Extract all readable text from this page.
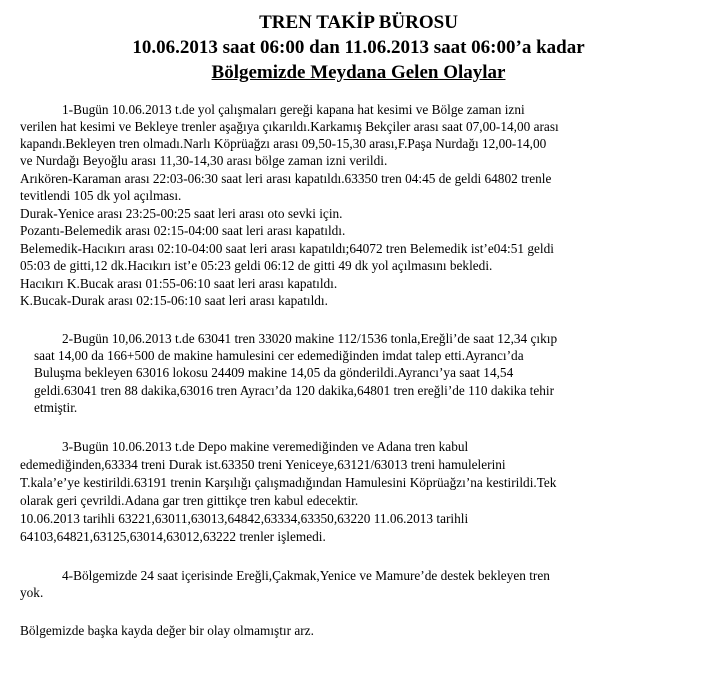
TREN TAKİP BÜROSU
10.06.2013 saat 06:00 dan 11.06.2013 saat 06:00’a kadar
Bölgemizde Meydana Gelen Olaylar
1-Bugün 10.06.2013 t.de yol çalışmaları gereği kapana hat kesimi ve Bölge zaman izni
verilen hat kesimi ve Bekleye trenler aşağıya çıkarıldı.Karkamış Bekçiler arası saat 07,00-14,00 arası
kapandı.Bekleyen tren olmadı.Narlı Köprüağzı arası 09,50-15,30 arası,F.Paşa Nurdağı 12,00-14,00
ve Nurdağı Beyoğlu arası 11,30-14,30 arası bölge zaman izni verildi.
Arıkören-Karaman arası 22:03-06:30 saat leri arası kapatıldı.63350 tren 04:45 de geldi 64802 trenle
tevitlendi 105 dk yol açılması.
Durak-Yenice arası 23:25-00:25 saat leri arası oto sevki için.
Pozantı-Belemedik arası 02:15-04:00 saat leri arası kapatıldı.
Belemedik-Hacıkırı arası 02:10-04:00 saat leri arası kapatıldı;64072 tren Belemedik ist’e04:51 geldi
05:03 de gitti,12 dk.Hacıkırı ist’e 05:23 geldi 06:12 de gitti 49 dk yol açılmasını bekledi.
Hacıkırı K.Bucak arası 01:55-06:10 saat leri arası kapatıldı.
K.Bucak-Durak arası 02:15-06:10 saat leri arası kapatıldı.
2-Bugün 10,06.2013 t.de 63041 tren 33020 makine 112/1536 tonla,Ereğli’de saat 12,34 çıkıp
saat 14,00 da 166+500 de makine hamulesini cer edemediğinden imdat talep etti.Ayrancı’da
Buluşma bekleyen 63016 lokosu 24409 makine 14,05 da gönderildi.Ayrancı’ya saat 14,54
geldi.63041 tren 88 dakika,63016 tren Ayracı’da 120 dakika,64801 tren ereğli’de 110 dakika tehir
etmiştir.
3-Bugün 10.06.2013 t.de Depo makine veremediğinden ve Adana tren kabul
edemediğinden,63334 treni Durak ist.63350 treni Yeniceye,63121/63013 treni hamulelerini
T.kala’e’ye kestirildi.63191 trenin Karşılığı çalışmadığından Hamulesini Köprüağzı’na kestirildi.Tek
olarak geri çevrildi.Adana gar tren gittikçe tren kabul edecektir.
10.06.2013 tarihli 63221,63011,63013,64842,63334,63350,63220 11.06.2013 tarihli
64103,64821,63125,63014,63012,63222 trenler işlemedi.
4-Bölgemizde 24 saat içerisinde Ereğli,Çakmak,Yenice ve Mamure’de destek bekleyen tren
yok.
Bölgemizde başka kayda değer bir olay olmamıştır arz.
